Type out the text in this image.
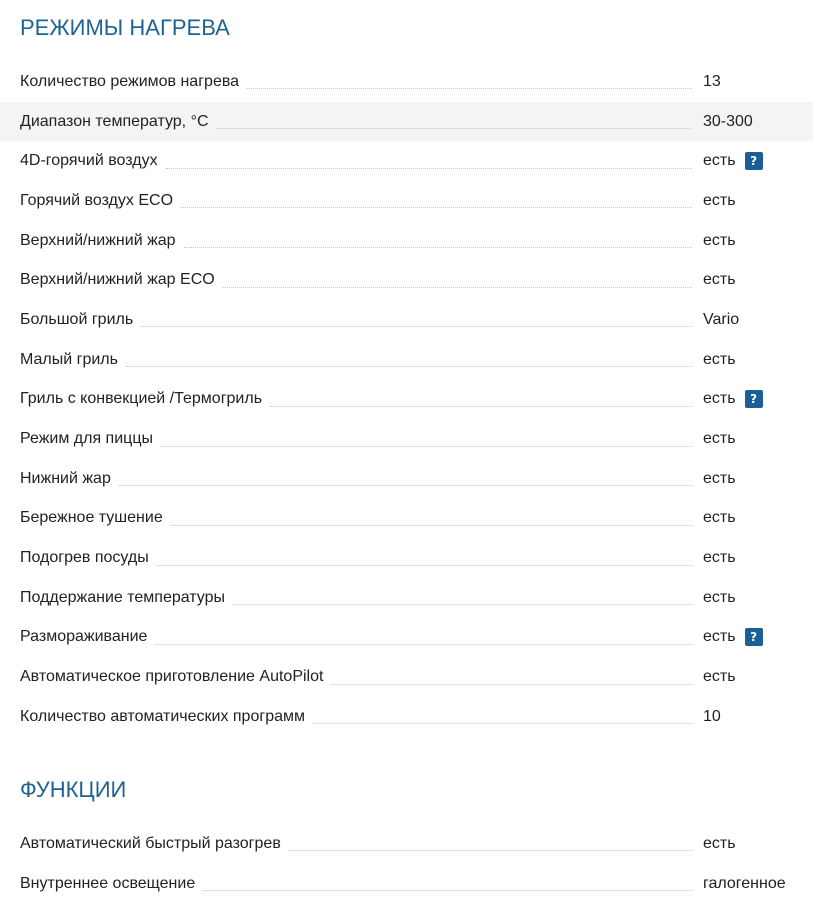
РЕЖИМЫ НАГРЕВА
Количество режимов нагрева	13
Диапазон температур, °C	30-300
4D-горячий воздух	есть	?
Горячий воздух ECO	есть
Верхний/нижний жар	есть
Верхний/нижний жар ECO	есть
Большой гриль	Vario
Малый гриль	есть
Гриль с конвекцией /Термогриль	есть	?
Режим для пиццы	есть
Нижний жар	есть
Бережное тушение	есть
Подогрев посуды	есть
Поддержание температуры	есть
Размораживание	есть	?
Автоматическое приготовление AutoPilot	есть
Количество автоматических программ	10
ФУНКЦИИ
Автоматический быстрый разогрев	есть
Внутреннее освещение	галогенное
